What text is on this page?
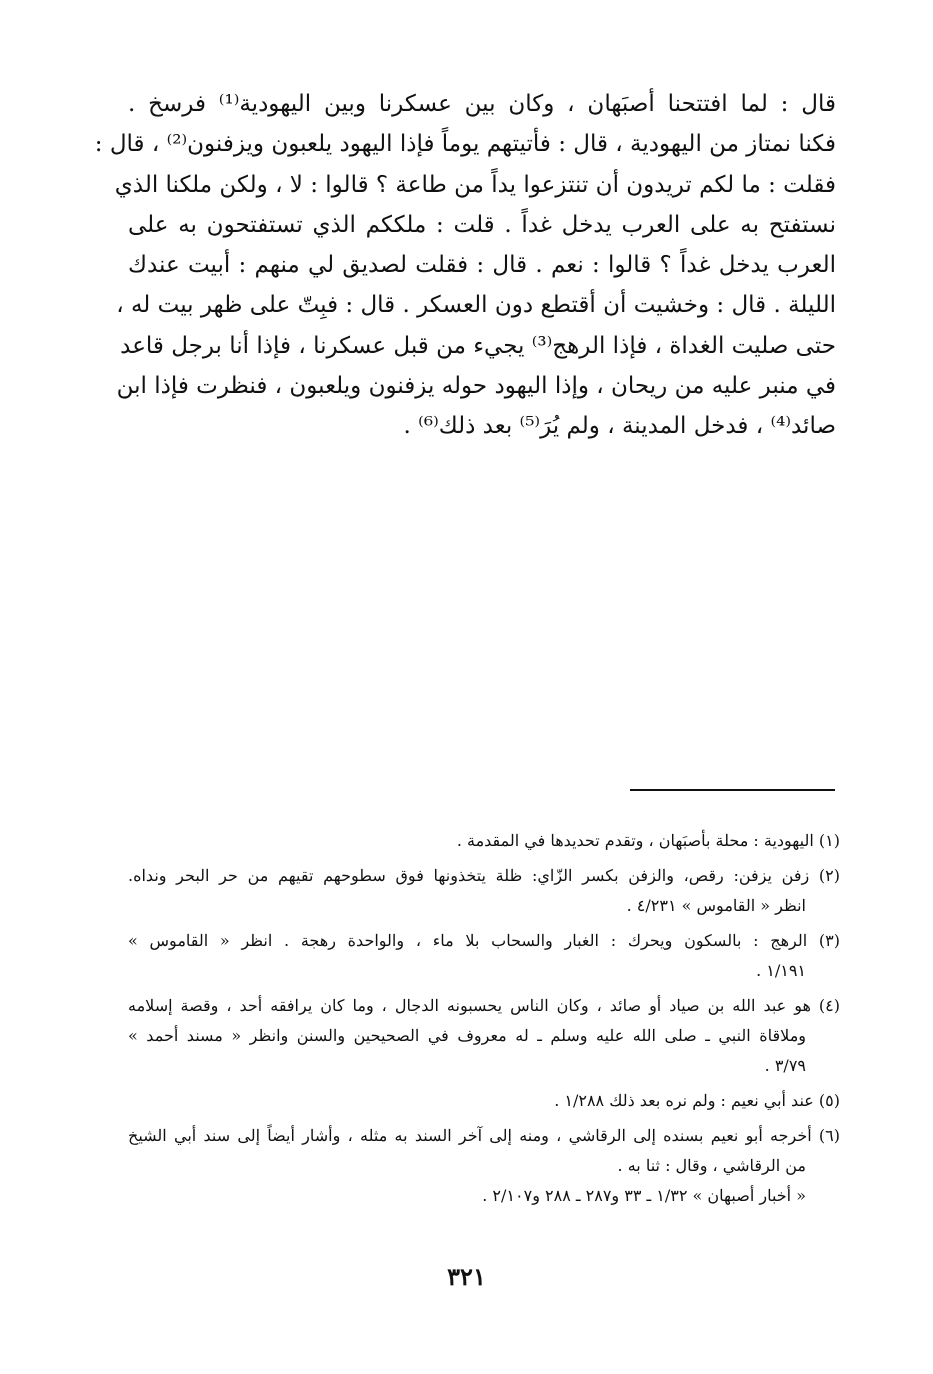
قال : لما افتتحنا أصبَهان ، وكان بين عسكرنا وبين اليهودية⁽¹⁾ فرسخ .
فكنا نمتاز من اليهودية ، قال : فأتيتهم يوماً فإذا اليهود يلعبون ويزفنون⁽²⁾ ، قال :
فقلت : ما لكم تريدون أن تنتزعوا يداً من طاعة ؟ قالوا : لا ، ولكن ملكنا الذي
نستفتح به على العرب يدخل غداً . قلت : ملككم الذي تستفتحون به على
العرب يدخل غداً ؟ قالوا : نعم . قال : فقلت لصديق لي منهم : أبيت عندك
الليلة . قال : وخشيت أن أقتطع دون العسكر . قال : فبِتّ على ظهر بيت له ،
حتى صليت الغداة ، فإذا الرهج⁽³⁾ يجيء من قبل عسكرنا ، فإذا أنا برجل قاعد
في منبر عليه من ريحان ، وإذا اليهود حوله يزفنون ويلعبون ، فنظرت فإذا ابن
صائد⁽⁴⁾ ، فدخل المدينة ، ولم يُرَ⁽⁵⁾ بعد ذلك⁽⁶⁾ .

(١) اليهودية : محلة بأصبَهان ، وتقدم تحديدها في المقدمة .
(٢) زفن يزفن: رقص، والزفن بكسر الزّاي: ظلة يتخذونها فوق سطوحهم تقيهم من حر البحر ونداه.
انظر « القاموس » ٤/٢٣١ .
(٣) الرهج : بالسكون ويحرك : الغبار والسحاب بلا ماء ، والواحدة رهجة . انظر « القاموس »
١/١٩١ .
(٤) هو عبد الله بن صياد أو صائد ، وكان الناس يحسبونه الدجال ، وما كان يرافقه أحد ، وقصة إسلامه
وملاقاة النبي ـ صلى الله عليه وسلم ـ له معروف في الصحيحين والسنن وانظر « مسند أحمد »
٣/٧٩ .
(٥) عند أبي نعيم : ولم نره بعد ذلك ١/٢٨٨ .
(٦) أخرجه أبو نعيم بسنده إلى الرقاشي ، ومنه إلى آخر السند به مثله ، وأشار أيضاً إلى سند أبي الشيخ
من الرقاشي ، وقال : ثنا به .
« أخبار أصبهان » ١/٣٢ ـ ٣٣ و٢٨٧ ـ ٢٨٨ و٢/١٠٧ .
٣٢١
